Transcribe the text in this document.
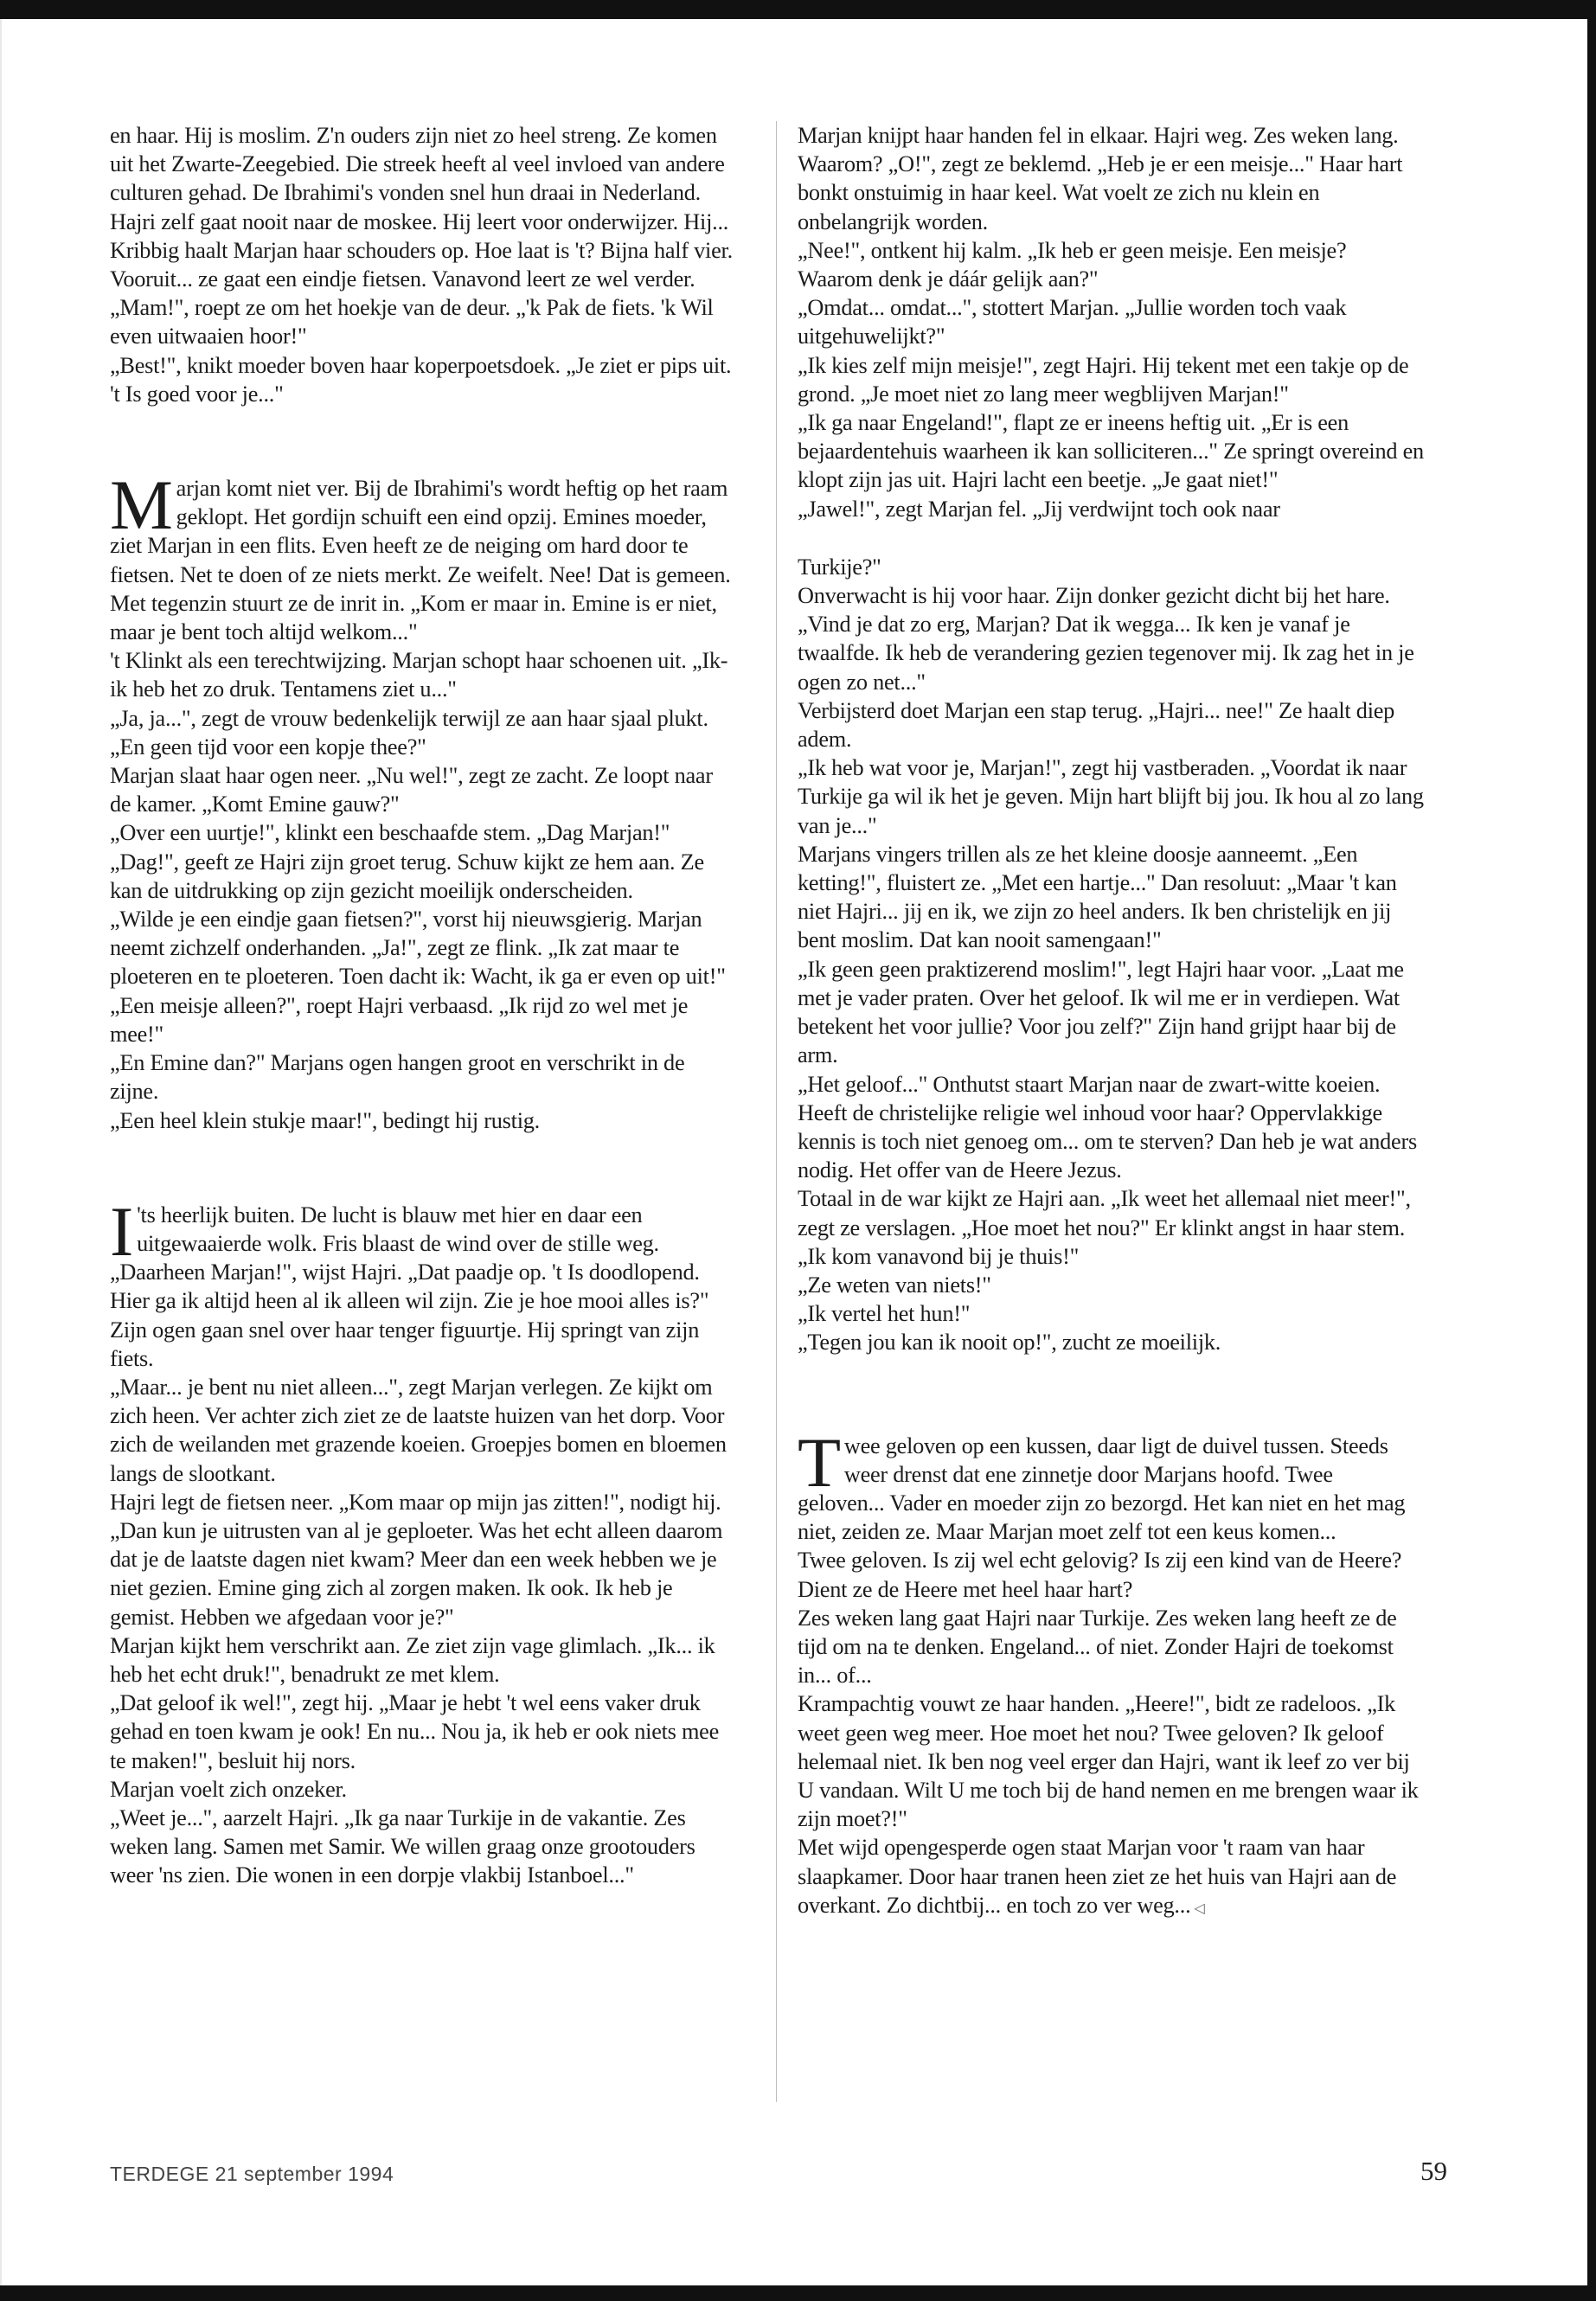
en haar. Hij is moslim. Z'n ouders zijn niet zo heel streng. Ze komen uit het Zwarte-Zeegebied. Die streek heeft al veel invloed van andere culturen gehad. De Ibrahimi's vonden snel hun draai in Nederland. Hajri zelf gaat nooit naar de moskee. Hij leert voor onderwijzer. Hij...

Kribbig haalt Marjan haar schouders op. Hoe laat is 't? Bijna half vier. Vooruit... ze gaat een eindje fietsen. Vanavond leert ze wel verder. „Mam!", roept ze om het hoekje van de deur. „'k Pak de fiets. 'k Wil even uitwaaien hoor!"

„Best!", knikt moeder boven haar koperpoetsdoek. „Je ziet er pips uit. 't Is goed voor je..."

Marjan komt niet ver. Bij de Ibrahimi's wordt heftig op het raam geklopt. Het gordijn schuift een eind opzij. Emines moeder, ziet Marjan in een flits. Even heeft ze de neiging om hard door te fietsen. Net te doen of ze niets merkt. Ze weifelt. Nee! Dat is gemeen. Met tegenzin stuurt ze de inrit in. „Kom er maar in. Emine is er niet, maar je bent toch altijd welkom..."

't Klinkt als een terechtwijzing. Marjan schopt haar schoenen uit. „Ik-ik heb het zo druk. Tentamens ziet u..."

„Ja, ja...", zegt de vrouw bedenkelijk terwijl ze aan haar sjaal plukt. „En geen tijd voor een kopje thee?"

Marjan slaat haar ogen neer. „Nu wel!", zegt ze zacht. Ze loopt naar de kamer. „Komt Emine gauw?"

„Over een uurtje!", klinkt een beschaafde stem. „Dag Marjan!"

„Dag!", geeft ze Hajri zijn groet terug. Schuw kijkt ze hem aan. Ze kan de uitdrukking op zijn gezicht moeilijk onderscheiden.

„Wilde je een eindje gaan fietsen?", vorst hij nieuwsgierig. Marjan neemt zichzelf onderhanden. „Ja!", zegt ze flink. „Ik zat maar te ploeteren en te ploeteren. Toen dacht ik: Wacht, ik ga er even op uit!"

„Een meisje alleen?", roept Hajri verbaasd. „Ik rijd zo wel met je mee!"

„En Emine dan?" Marjans ogen hangen groot en verschrikt in de zijne.

„Een heel klein stukje maar!", bedingt hij rustig.

't
I s heerlijk buiten. De lucht is blauw met hier en daar een uitgewaaierde wolk. Fris blaast de wind over de stille weg.

„Daarheen Marjan!", wijst Hajri. „Dat paadje op. 't Is doodlopend. Hier ga ik altijd heen al ik alleen wil zijn. Zie je hoe mooi alles is?" Zijn ogen gaan snel over haar tenger figuurtje. Hij springt van zijn fiets.

„Maar... je bent nu niet alleen...", zegt Marjan verlegen. Ze kijkt om zich heen. Ver achter zich ziet ze de laatste huizen van het dorp. Voor zich de weilanden met grazende koeien. Groepjes bomen en bloemen langs de slootkant.

Hajri legt de fietsen neer. „Kom maar op mijn jas zitten!", nodigt hij. „Dan kun je uitrusten van al je geploeter. Was het echt alleen daarom dat je de laatste dagen niet kwam? Meer dan een week hebben we je niet gezien. Emine ging zich al zorgen maken. Ik ook. Ik heb je gemist. Hebben we afgedaan voor je?"

Marjan kijkt hem verschrikt aan. Ze ziet zijn vage glimlach. „Ik... ik heb het echt druk!", benadrukt ze met klem.

„Dat geloof ik wel!", zegt hij. „Maar je hebt 't wel eens vaker druk gehad en toen kwam je ook! En nu... Nou ja, ik heb er ook niets mee te maken!", besluit hij nors.

Marjan voelt zich onzeker.

„Weet je...", aarzelt Hajri. „Ik ga naar Turkije in de vakantie. Zes weken lang. Samen met Samir. We willen graag onze grootouders weer 'ns zien. Die wonen in een dorpje vlakbij Istanboel..."

Marjan knijpt haar handen fel in elkaar. Hajri weg. Zes weken lang. Waarom? „O!", zegt ze beklemd. „Heb je er een meisje..." Haar hart bonkt onstuimig in haar keel. Wat voelt ze zich nu klein en onbelangrijk worden.

„Nee!", ontkent hij kalm. „Ik heb er geen meisje. Een meisje? Waarom denk je dáár gelijk aan?"

„Omdat... omdat...", stottert Marjan. „Jullie worden toch vaak uitgehuwelijkt?"

„Ik kies zelf mijn meisje!", zegt Hajri. Hij tekent met een takje op de grond. „Je moet niet zo lang meer wegblijven Marjan!"

„Ik ga naar Engeland!", flapt ze er ineens heftig uit. „Er is een bejaardentehuis waarheen ik kan solliciteren..." Ze springt overeind en klopt zijn jas uit. Hajri lacht een beetje. „Je gaat niet!"

„Jawel!", zegt Marjan fel. „Jij verdwijnt toch ook naar

Turkije?"

Onverwacht is hij voor haar. Zijn donker gezicht dicht bij het hare. „Vind je dat zo erg, Marjan? Dat ik wegga... Ik ken je vanaf je twaalfde. Ik heb de verandering gezien tegenover mij. Ik zag het in je ogen zo net..."

Verbijsterd doet Marjan een stap terug. „Hajri... nee!" Ze haalt diep adem.

„Ik heb wat voor je, Marjan!", zegt hij vastberaden. „Voordat ik naar Turkije ga wil ik het je geven. Mijn hart blijft bij jou. Ik hou al zo lang van je..."

Marjans vingers trillen als ze het kleine doosje aanneemt. „Een ketting!", fluistert ze. „Met een hartje..." Dan resoluut: „Maar 't kan niet Hajri... jij en ik, we zijn zo heel anders. Ik ben christelijk en jij bent moslim. Dat kan nooit samengaan!"

„Ik geen geen praktizerend moslim!", legt Hajri haar voor. „Laat me met je vader praten. Over het geloof. Ik wil me er in verdiepen. Wat betekent het voor jullie? Voor jou zelf?" Zijn hand grijpt haar bij de arm.

„Het geloof..." Onthutst staart Marjan naar de zwart-witte koeien. Heeft de christelijke religie wel inhoud voor haar? Oppervlakkige kennis is toch niet genoeg om... om te sterven? Dan heb je wat anders nodig. Het offer van de Heere Jezus.

Totaal in de war kijkt ze Hajri aan. „Ik weet het allemaal niet meer!", zegt ze verslagen. „Hoe moet het nou?" Er klinkt angst in haar stem.

„Ik kom vanavond bij je thuis!"

„Ze weten van niets!"

„Ik vertel het hun!"

„Tegen jou kan ik nooit op!", zucht ze moeilijk.

Twee geloven op een kussen, daar ligt de duivel tussen. Steeds weer drenst dat ene zinnetje door Marjans hoofd. Twee geloven... Vader en moeder zijn zo bezorgd. Het kan niet en het mag niet, zeiden ze. Maar Marjan moet zelf tot een keus komen...

Twee geloven. Is zij wel echt gelovig? Is zij een kind van de Heere? Dient ze de Heere met heel haar hart?

Zes weken lang gaat Hajri naar Turkije. Zes weken lang heeft ze de tijd om na te denken. Engeland... of niet. Zonder Hajri de toekomst in... of...

Krampachtig vouwt ze haar handen. „Heere!", bidt ze radeloos. „Ik weet geen weg meer. Hoe moet het nou? Twee geloven? Ik geloof helemaal niet. Ik ben nog veel erger dan Hajri, want ik leef zo ver bij U vandaan. Wilt U me toch bij de hand nemen en me brengen waar ik zijn moet?!"

Met wijd opengesperde ogen staat Marjan voor 't raam van haar slaapkamer. Door haar tranen heen ziet ze het huis van Hajri aan de overkant. Zo dichtbij... en toch zo ver weg... ◁

TERDEGE 21 september 1994	59
